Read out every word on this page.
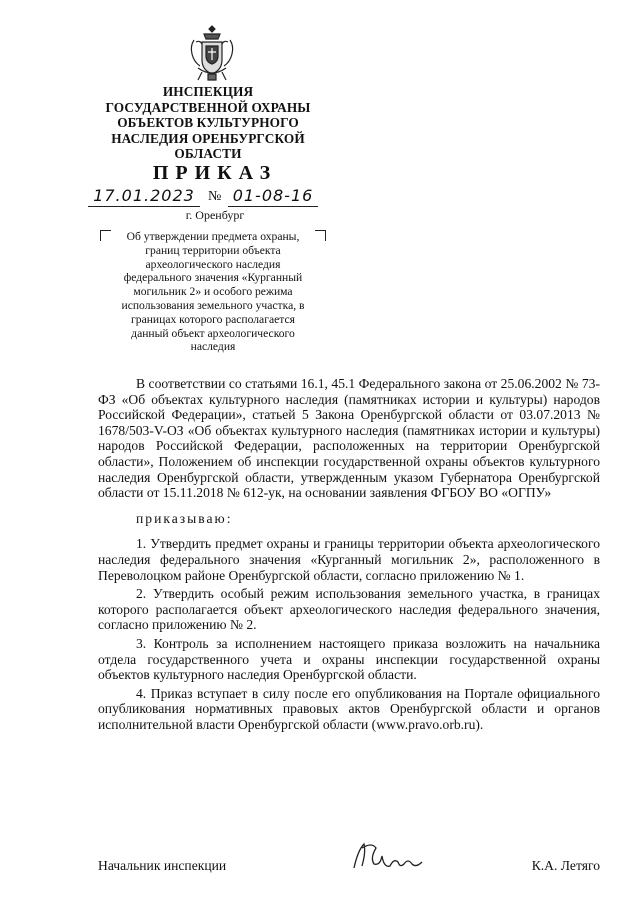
ИНСПЕКЦИЯ
ГОСУДАРСТВЕННОЙ ОХРАНЫ
ОБЪЕКТОВ КУЛЬТУРНОГО
НАСЛЕДИЯ ОРЕНБУРГСКОЙ
ОБЛАСТИ
ПРИКАЗ
17.01.2023 № 01-08-16
г. Оренбург
Об утверждении предмета охраны, границ территории объекта археологического наследия федерального значения «Курганный могильник 2» и особого режима использования земельного участка, в границах которого располагается данный объект археологического наследия

В соответствии со статьями 16.1, 45.1 Федерального закона от 25.06.2002 № 73-ФЗ «Об объектах культурного наследия (памятниках истории и культуры) народов Российской Федерации», статьей 5 Закона Оренбургской области от 03.07.2013 № 1678/503-V-ОЗ «Об объектах культурного наследия (памятниках истории и культуры) народов Российской Федерации, расположенных на территории Оренбургской области», Положением об инспекции государственной охраны объектов культурного наследия Оренбургской области, утвержденным указом Губернатора Оренбургской области от 15.11.2018 № 612-ук, на основании заявления ФГБОУ ВО «ОГПУ»

приказываю:

1. Утвердить предмет охраны и границы территории объекта археологического наследия федерального значения «Курганный могильник 2», расположенного в Переволоцком районе Оренбургской области, согласно приложению № 1.

2. Утвердить особый режим использования земельного участка, в границах которого располагается объект археологического наследия федерального значения, согласно приложению № 2.

3. Контроль за исполнением настоящего приказа возложить на начальника отдела государственного учета и охраны инспекции государственной охраны объектов культурного наследия Оренбургской области.

4. Приказ вступает в силу после его опубликования на Портале официального опубликования нормативных правовых актов Оренбургской области и органов исполнительной власти Оренбургской области (www.pravo.orb.ru).

Начальник инспекции	К.А. Летяго
